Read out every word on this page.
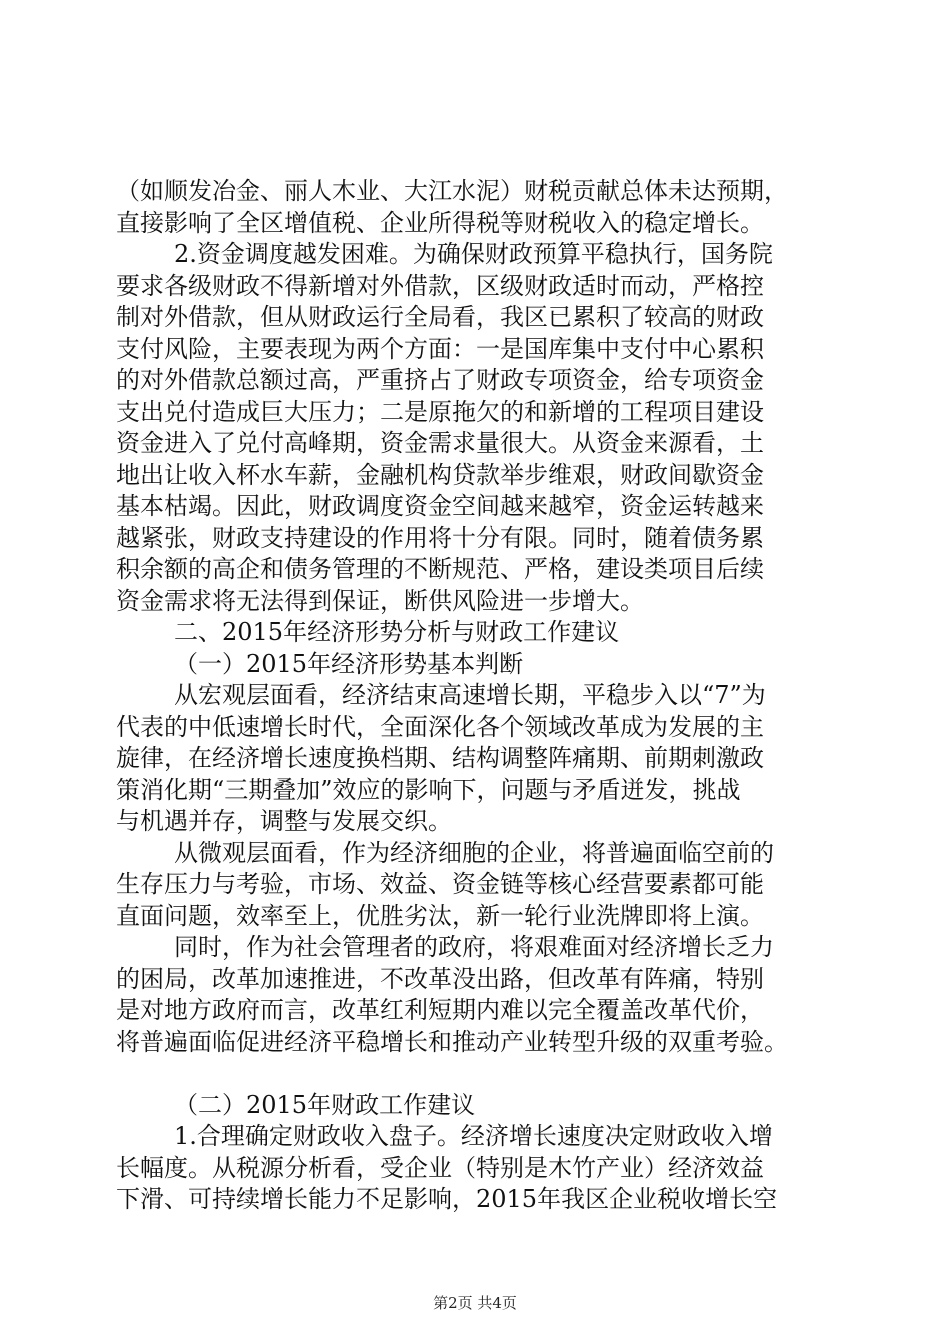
（如顺发冶金、丽人木业、大江水泥）财税贡献总体未达预期，
直接影响了全区增值税、企业所得税等财税收入的稳定增长。
2.资金调度越发困难。为确保财政预算平稳执行，国务院
要求各级财政不得新增对外借款，区级财政适时而动，严格控
制对外借款，但从财政运行全局看，我区已累积了较高的财政
支付风险，主要表现为两个方面：一是国库集中支付中心累积
的对外借款总额过高，严重挤占了财政专项资金，给专项资金
支出兑付造成巨大压力；二是原拖欠的和新增的工程项目建设
资金进入了兑付高峰期，资金需求量很大。从资金来源看，土
地出让收入杯水车薪，金融机构贷款举步维艰，财政间歇资金
基本枯竭。因此，财政调度资金空间越来越窄，资金运转越来
越紧张，财政支持建设的作用将十分有限。同时，随着债务累
积余额的高企和债务管理的不断规范、严格，建设类项目后续
资金需求将无法得到保证，断供风险进一步增大。
二、2015年经济形势分析与财政工作建议
（一）2015年经济形势基本判断
从宏观层面看，经济结束高速增长期，平稳步入以“7”为
代表的中低速增长时代，全面深化各个领域改革成为发展的主
旋律，在经济增长速度换档期、结构调整阵痛期、前期刺激政
策消化期“三期叠加”效应的影响下，问题与矛盾迸发，挑战
与机遇并存，调整与发展交织。
从微观层面看，作为经济细胞的企业，将普遍面临空前的
生存压力与考验，市场、效益、资金链等核心经营要素都可能
直面问题，效率至上，优胜劣汰，新一轮行业洗牌即将上演。
同时，作为社会管理者的政府，将艰难面对经济增长乏力
的困局，改革加速推进，不改革没出路，但改革有阵痛，特别
是对地方政府而言，改革红利短期内难以完全覆盖改革代价，
将普遍面临促进经济平稳增长和推动产业转型升级的双重考验。
（二）2015年财政工作建议
1.合理确定财政收入盘子。经济增长速度决定财政收入增
长幅度。从税源分析看，受企业（特别是木竹产业）经济效益
下滑、可持续增长能力不足影响，2015年我区企业税收增长空
第2页 共4页
